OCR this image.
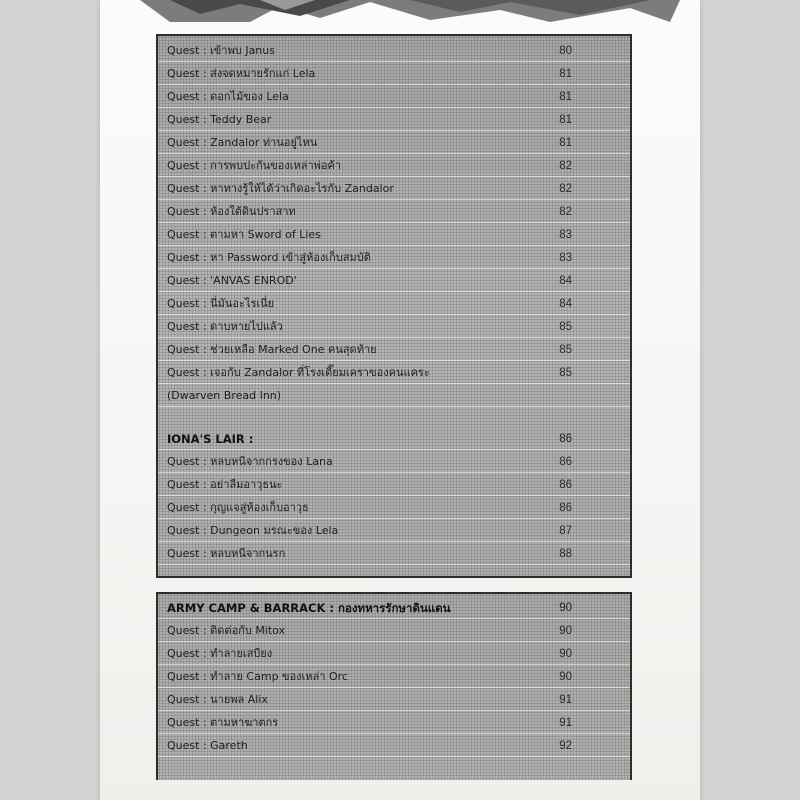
Quest : เข้าพบ Janus	80
Quest : ส่งจดหมายรักแก่ Lela	81
Quest : ดอกไม้ของ Lela	81
Quest : Teddy Bear	81
Quest : Zandalor ท่านอยู่ไหน	81
Quest : การพบปะกันของเหล่าพ่อค้า	82
Quest : หาทางรู้ให้ได้ว่าเกิดอะไรกับ Zandalor	82
Quest : ห้องใต้ดินปราสาท	82
Quest : ตามหา Sword of Lies	83
Quest : หา Password เข้าสู่ห้องเก็บสมบัติ	83
Quest : 'ANVAS ENROD'	84
Quest : นี่มันอะไรเนี่ย	84
Quest : ดาบหายไปแล้ว	85
Quest : ช่วยเหลือ Marked One คนสุดท้าย	85
Quest : เจอกับ Zandalor ที่โรงเตี๊ยมเคราของคนแคระ	85
(Dwarven Bread Inn)
IONA'S LAIR :	86
Quest : หลบหนีจากกรงของ Lana	86
Quest : อย่าลืมอาวุธนะ	86
Quest : กุญแจสู่ห้องเก็บอาวุธ	86
Quest : Dungeon มรณะของ Lela	87
Quest : หลบหนีจากนรก	88
ARMY CAMP & BARRACK : กองทหารรักษาดินแดน	90
Quest : ติดต่อกับ Mitox	90
Quest : ทำลายเสบียง	90
Quest : ทำลาย Camp ของเหล่า Orc	90
Quest : นายพล Alix	91
Quest : ตามหาฆาตกร	91
Quest : Gareth	92
